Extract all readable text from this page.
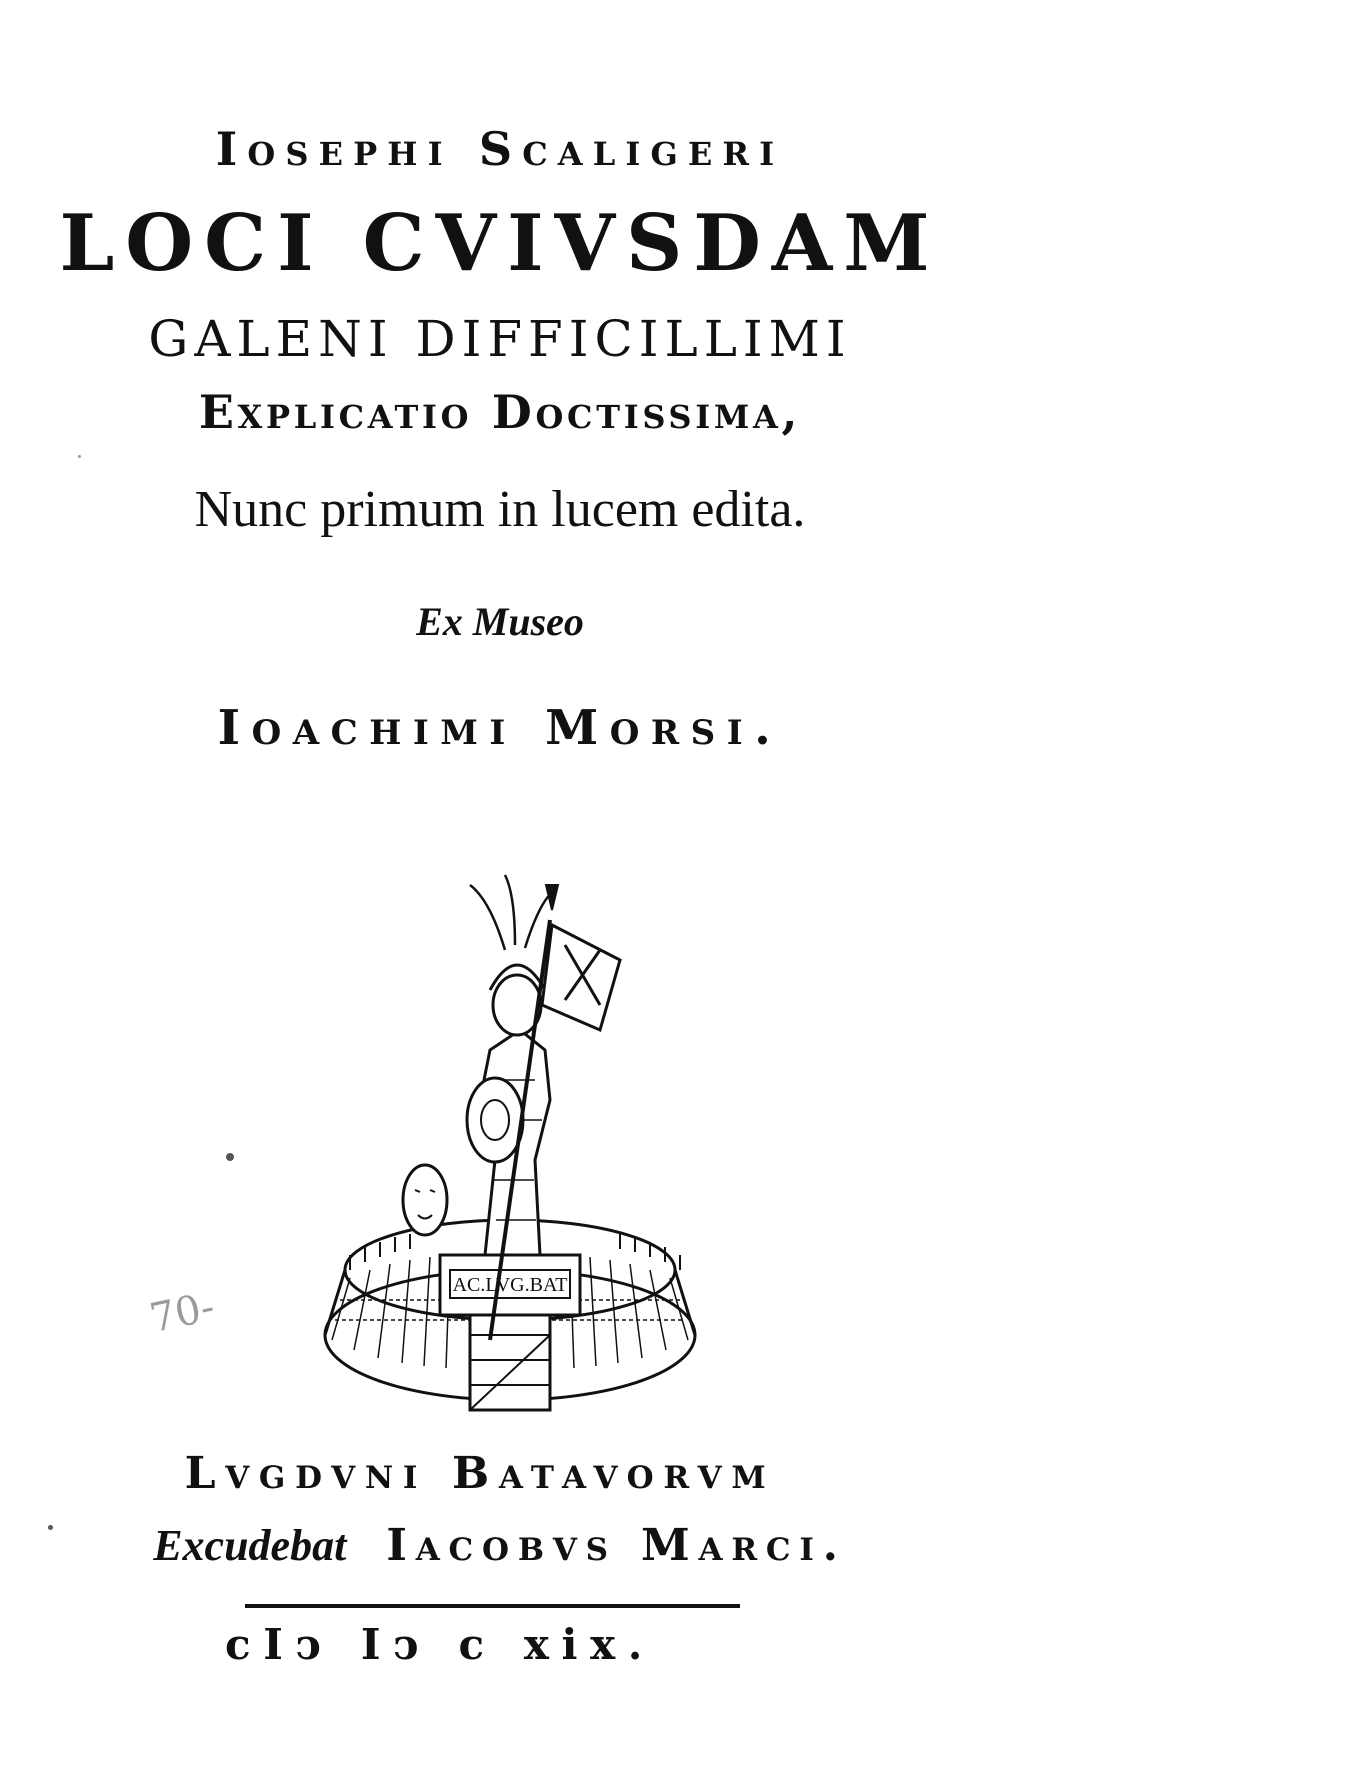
Iosephi Scaligeri
LOCI CVIVSDAM
GALENI DIFFICILLIMI
Explicatio Doctissima,
Nunc primum in lucem edita.
Ex Museo
Ioachimi Morsi.
AC.LVG.BAT
Lvgdvni Batavorvm
Excudebat Iacobvs Marci.
cIↄ Iↄ c xix.
70-
